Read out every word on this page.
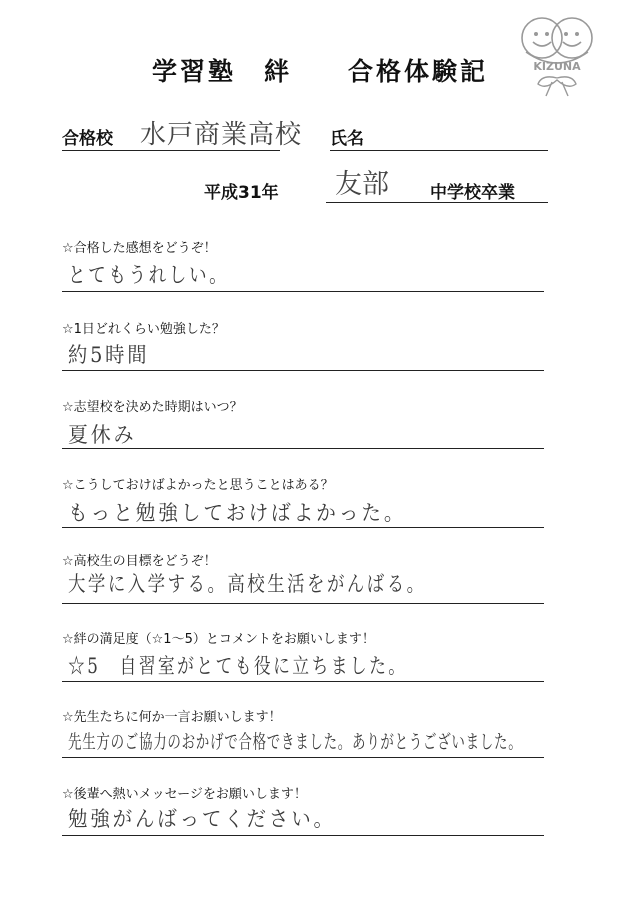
学習塾　絆　　合格体験記	KIZUNA
合格校 水戸商業高校 氏名
平成31年 友部 中学校卒業
☆合格した感想をどうぞ！
とてもうれしい。
☆1日どれくらい勉強した？
約5時間
☆志望校を決めた時期はいつ？
夏休み
☆こうしておけばよかったと思うことはある？
もっと勉強しておけばよかった。
☆高校生の目標をどうぞ！
大学に入学する。高校生活をがんばる。
☆絆の満足度（☆1～5）とコメントをお願いします！
☆5　自習室がとても役に立ちました。
☆先生たちに何か一言お願いします！
先生方のご協力のおかげで合格できました。ありがとうございました。
☆後輩へ熱いメッセージをお願いします！
勉強がんばってください。
